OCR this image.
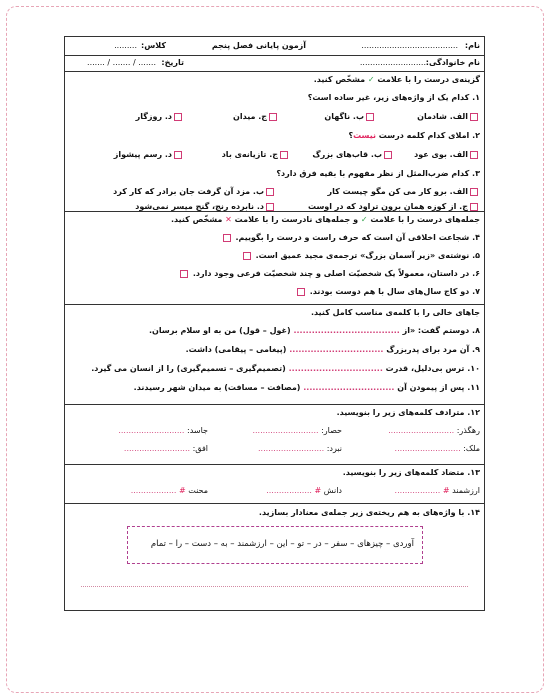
نام:
......................................
آزمون پایانی فصل پنجم
کلاس:
.........
نام خانوادگی:
..........................
تاریخ:
....... / ....... / .......
گزینه‌ی درست را با علامت ✓ مشخّص کنید.
۱. کدام یک از واژه‌های زیر، غیر ساده است؟
الف. شادمان
ب. ناگهان
ج. میدان
د. روزگار
۲. املای کدام کلمه درست نیست؟
الف. بوی عود
ب. قاب‌های بزرگ
ج. تازیانه‌ی باد
د. رسم پیشواز
۳. کدام ضرب‌المثل از نظر مفهوم با بقیه فرق دارد؟
الف. برو کار می کن مگو چیست کار
ب. مزد آن گرفت جان برادر که کار کرد
ج. از کوزه همان برون تراود که در اوست
د. نابرده رنج، گنج میسر نمی‌شود
جمله‌های درست را با علامت ✓ و جمله‌های نادرست را با علامت ✕ مشخّص کنید.
۴. شجاعت اخلاقی آن است که حرف راست و درست را بگوییم.
۵. نوشته‌ی «زیر آسمان بزرگ» ترجمه‌ی مجید عمیق است.
۶. در داستان، معمولاً یک شخصیّت اصلی و چند شخصیّت فرعی وجود دارد.
۷. دو کاج سال‌های سال با هم دوست بودند.
جاهای خالی را با کلمه‌ی مناسب کامل کنید.
۸. دوستم گفت: «از ................................... (غول – قول) من به او سلام برسان.
۹. آن مرد برای پدربزرگ ............................... (پیغامی – پیقامی) داشت.
۱۰. ترس بی‌دلیل، قدرت ............................... (تصمیم‌گیری – تسمیم‌گیری) را از انسان می گیرد.
۱۱. پس از پیمودن آن .............................. (مصافت – مسافت) به میدان شهر رسیدند.
۱۲. مترادف کلمه‌های زیر را بنویسید.
رهگذر: ..........................
حصار: ..........................
جاسد: ..........................
ملک: ..........................
نبرد: ..........................
افق: ..........................
۱۳. متضاد کلمه‌های زیر را بنویسید.
ارزشمند # ..................
دانش # ..................
محنت # ..................
۱۴. با واژه‌های به هم ریخته‌ی زیر جمله‌ی معنادار بسازید.
آوردی – چیزهای – سفر – در – تو – این – ارزشمند – به – دست – را – تمام
